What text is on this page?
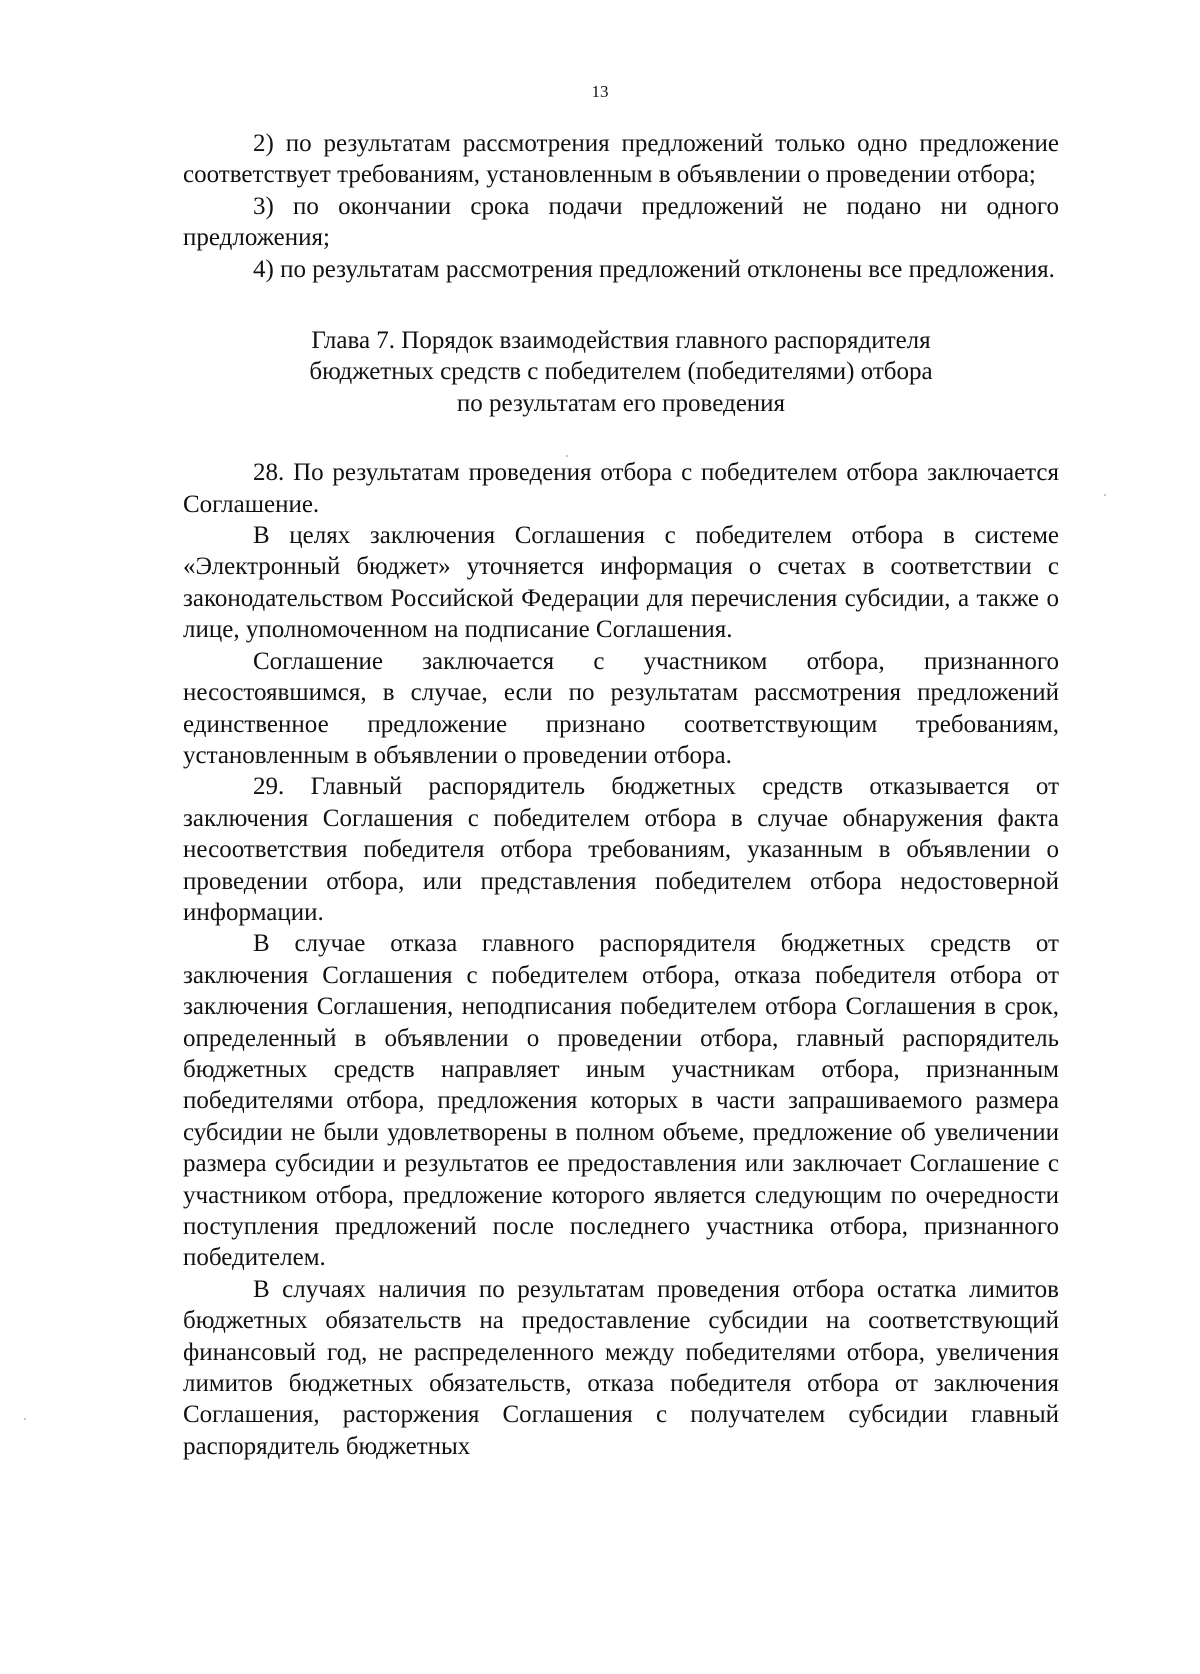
13

2) по результатам рассмотрения предложений только одно предложение соответствует требованиям, установленным в объявлении о проведении отбора;

3) по окончании срока подачи предложений не подано ни одного предложения;

4) по результатам рассмотрения предложений отклонены все предложения.

Глава 7. Порядок взаимодействия главного распорядителя
бюджетных средств с победителем (победителями) отбора
по результатам его проведения

28. По результатам проведения отбора с победителем отбора заключается Соглашение.

В целях заключения Соглашения с победителем отбора в системе «Электронный бюджет» уточняется информация о счетах в соответствии с законодательством Российской Федерации для перечисления субсидии, а также о лице, уполномоченном на подписание Соглашения.

Соглашение заключается с участником отбора, признанного несостоявшимся, в случае, если по результатам рассмотрения предложений единственное предложение признано соответствующим требованиям, установленным в объявлении о проведении отбора.

29. Главный распорядитель бюджетных средств отказывается от заключения Соглашения с победителем отбора в случае обнаружения факта несоответствия победителя отбора требованиям, указанным в объявлении о проведении отбора, или представления победителем отбора недостоверной информации.

В случае отказа главного распорядителя бюджетных средств от заключения Соглашения с победителем отбора, отказа победителя отбора от заключения Соглашения, неподписания победителем отбора Соглашения в срок, определенный в объявлении о проведении отбора, главный распорядитель бюджетных средств направляет иным участникам отбора, признанным победителями отбора, предложения которых в части запрашиваемого размера субсидии не были удовлетворены в полном объеме, предложение об увеличении размера субсидии и результатов ее предоставления или заключает Соглашение с участником отбора, предложение которого является следующим по очередности поступления предложений после последнего участника отбора, признанного победителем.

В случаях наличия по результатам проведения отбора остатка лимитов бюджетных обязательств на предоставление субсидии на соответствующий финансовый год, не распределенного между победителями отбора, увеличения лимитов бюджетных обязательств, отказа победителя отбора от заключения Соглашения, расторжения Соглашения с получателем субсидии главный распорядитель бюджетных
